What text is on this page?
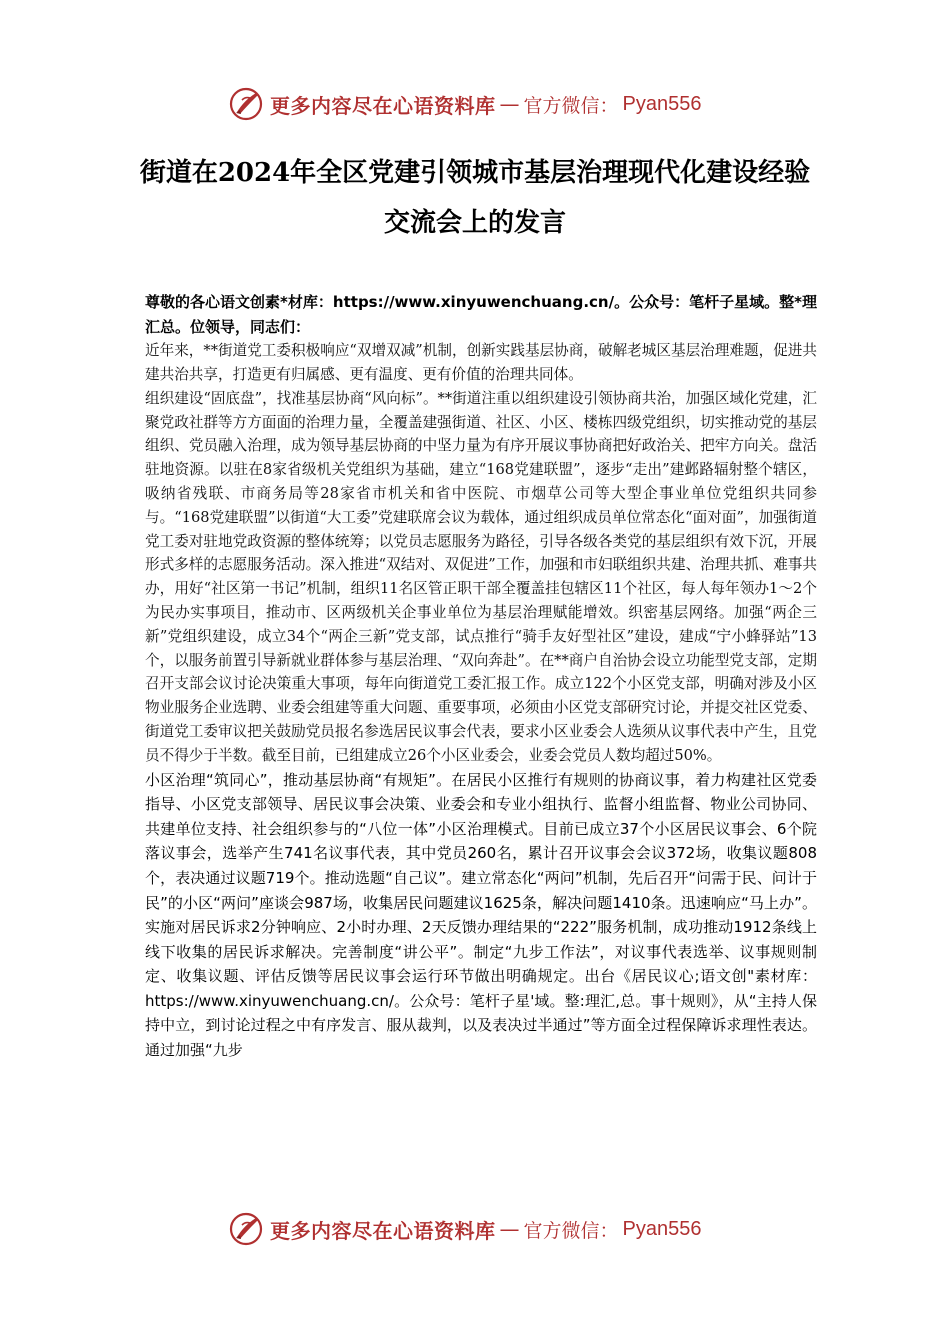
更多内容尽在心语资料库 — 官方微信： Pyan556
街道在2024年全区党建引领城市基层治理现代化建设经验交流会上的发言

尊敬的各心语文创素*材库：https://www.xinyuwenchuang.cn/。公众号：笔杆子星域。整*理汇总。位领导，同志们：

近年来，**街道党工委积极响应“双增双减”机制，创新实践基层协商，破解老城区基层治理难题，促进共建共治共享，打造更有归属感、更有温度、更有价值的治理共同体。

组织建设“固底盘”，找准基层协商“风向标”。**街道注重以组织建设引领协商共治，加强区域化党建，汇聚党政社群等方方面面的治理力量，全覆盖建强街道、社区、小区、楼栋四级党组织，切实推动党的基层组织、党员融入治理，成为领导基层协商的中坚力量为有序开展议事协商把好政治关、把牢方向关。盘活驻地资源。以驻在8家省级机关党组织为基础，建立“168党建联盟”，逐步“走出”建邺路辐射整个辖区，吸纳省残联、市商务局等28家省市机关和省中医院、市烟草公司等大型企事业单位党组织共同参与。“168党建联盟”以街道“大工委”党建联席会议为载体，通过组织成员单位常态化“面对面”，加强街道党工委对驻地党政资源的整体统筹；以党员志愿服务为路径，引导各级各类党的基层组织有效下沉，开展形式多样的志愿服务活动。深入推进“双结对、双促进”工作，加强和市妇联组织共建、治理共抓、难事共办，用好“社区第一书记”机制，组织11名区管正职干部全覆盖挂包辖区11个社区，每人每年领办1～2个为民办实事项目，推动市、区两级机关企事业单位为基层治理赋能增效。织密基层网络。加强“两企三新”党组织建设，成立34个“两企三新”党支部，试点推行“骑手友好型社区”建设，建成“宁小蜂驿站”13个，以服务前置引导新就业群体参与基层治理、“双向奔赴”。在**商户自治协会设立功能型党支部，定期召开支部会议讨论决策重大事项，每年向街道党工委汇报工作。成立122个小区党支部，明确对涉及小区物业服务企业选聘、业委会组建等重大问题、重要事项，必须由小区党支部研究讨论，并提交社区党委、街道党工委审议把关鼓励党员报名参选居民议事会代表，要求小区业委会人选须从议事代表中产生，且党员不得少于半数。截至目前，已组建成立26个小区业委会，业委会党员人数均超过50%。

小区治理“筑同心”，推动基层协商“有规矩”。在居民小区推行有规则的协商议事，着力构建社区党委指导、小区党支部领导、居民议事会决策、业委会和专业小组执行、监督小组监督、物业公司协同、共建单位支持、社会组织参与的“八位一体”小区治理模式。目前已成立37个小区居民议事会、6个院落议事会，选举产生741名议事代表，其中党员260名，累计召开议事会会议372场，收集议题808个，表决通过议题719个。推动选题“自己议”。建立常态化“两问”机制，先后召开“问需于民、问计于民”的小区“两问”座谈会987场，收集居民问题建议1625条，解决问题1410条。迅速响应“马上办”。实施对居民诉求2分钟响应、2小时办理、2天反馈办理结果的“222”服务机制，成功推动1912条线上线下收集的居民诉求解决。完善制度“讲公平”。制定“九步工作法”，对议事代表选举、议事规则制定、收集议题、评估反馈等居民议事会运行环节做出明确规定。出台《居民议心;语文创"素材库：https://www.xinyuwenchuang.cn/。公众号：笔杆子星'域。整:理汇,总。事十规则》，从“主持人保持中立，到讨论过程之中有序发言、服从裁判，以及表决过半通过”等方面全过程保障诉求理性表达。通过加强“九步

更多内容尽在心语资料库 — 官方微信： Pyan556
